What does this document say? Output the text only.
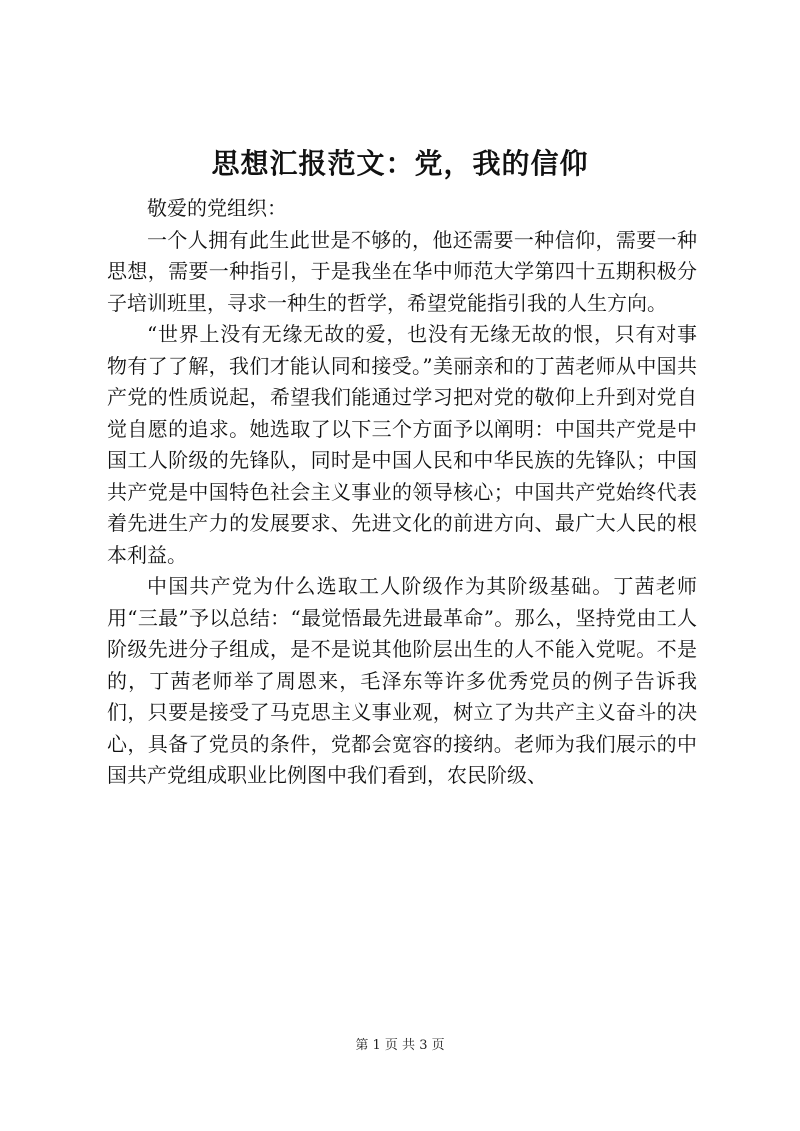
思想汇报范文：党，我的信仰

敬爱的党组织：

一个人拥有此生此世是不够的，他还需要一种信仰，需要一种思想，需要一种指引，于是我坐在华中师范大学第四十五期积极分子培训班里，寻求一种生的哲学，希望党能指引我的人生方向。

“世界上没有无缘无故的爱，也没有无缘无故的恨，只有对事物有了了解，我们才能认同和接受。”美丽亲和的丁茜老师从中国共产党的性质说起，希望我们能通过学习把对党的敬仰上升到对党自觉自愿的追求。她选取了以下三个方面予以阐明：中国共产党是中国工人阶级的先锋队，同时是中国人民和中华民族的先锋队；中国共产党是中国特色社会主义事业的领导核心；中国共产党始终代表着先进生产力的发展要求、先进文化的前进方向、最广大人民的根本利益。

中国共产党为什么选取工人阶级作为其阶级基础。丁茜老师用“三最”予以总结：“最觉悟最先进最革命”。那么，坚持党由工人阶级先进分子组成，是不是说其他阶层出生的人不能入党呢。不是的，丁茜老师举了周恩来，毛泽东等许多优秀党员的例子告诉我们，只要是接受了马克思主义事业观，树立了为共产主义奋斗的决心，具备了党员的条件，党都会宽容的接纳。老师为我们展示的中国共产党组成职业比例图中我们看到，农民阶级、

第 1 页 共 3 页
